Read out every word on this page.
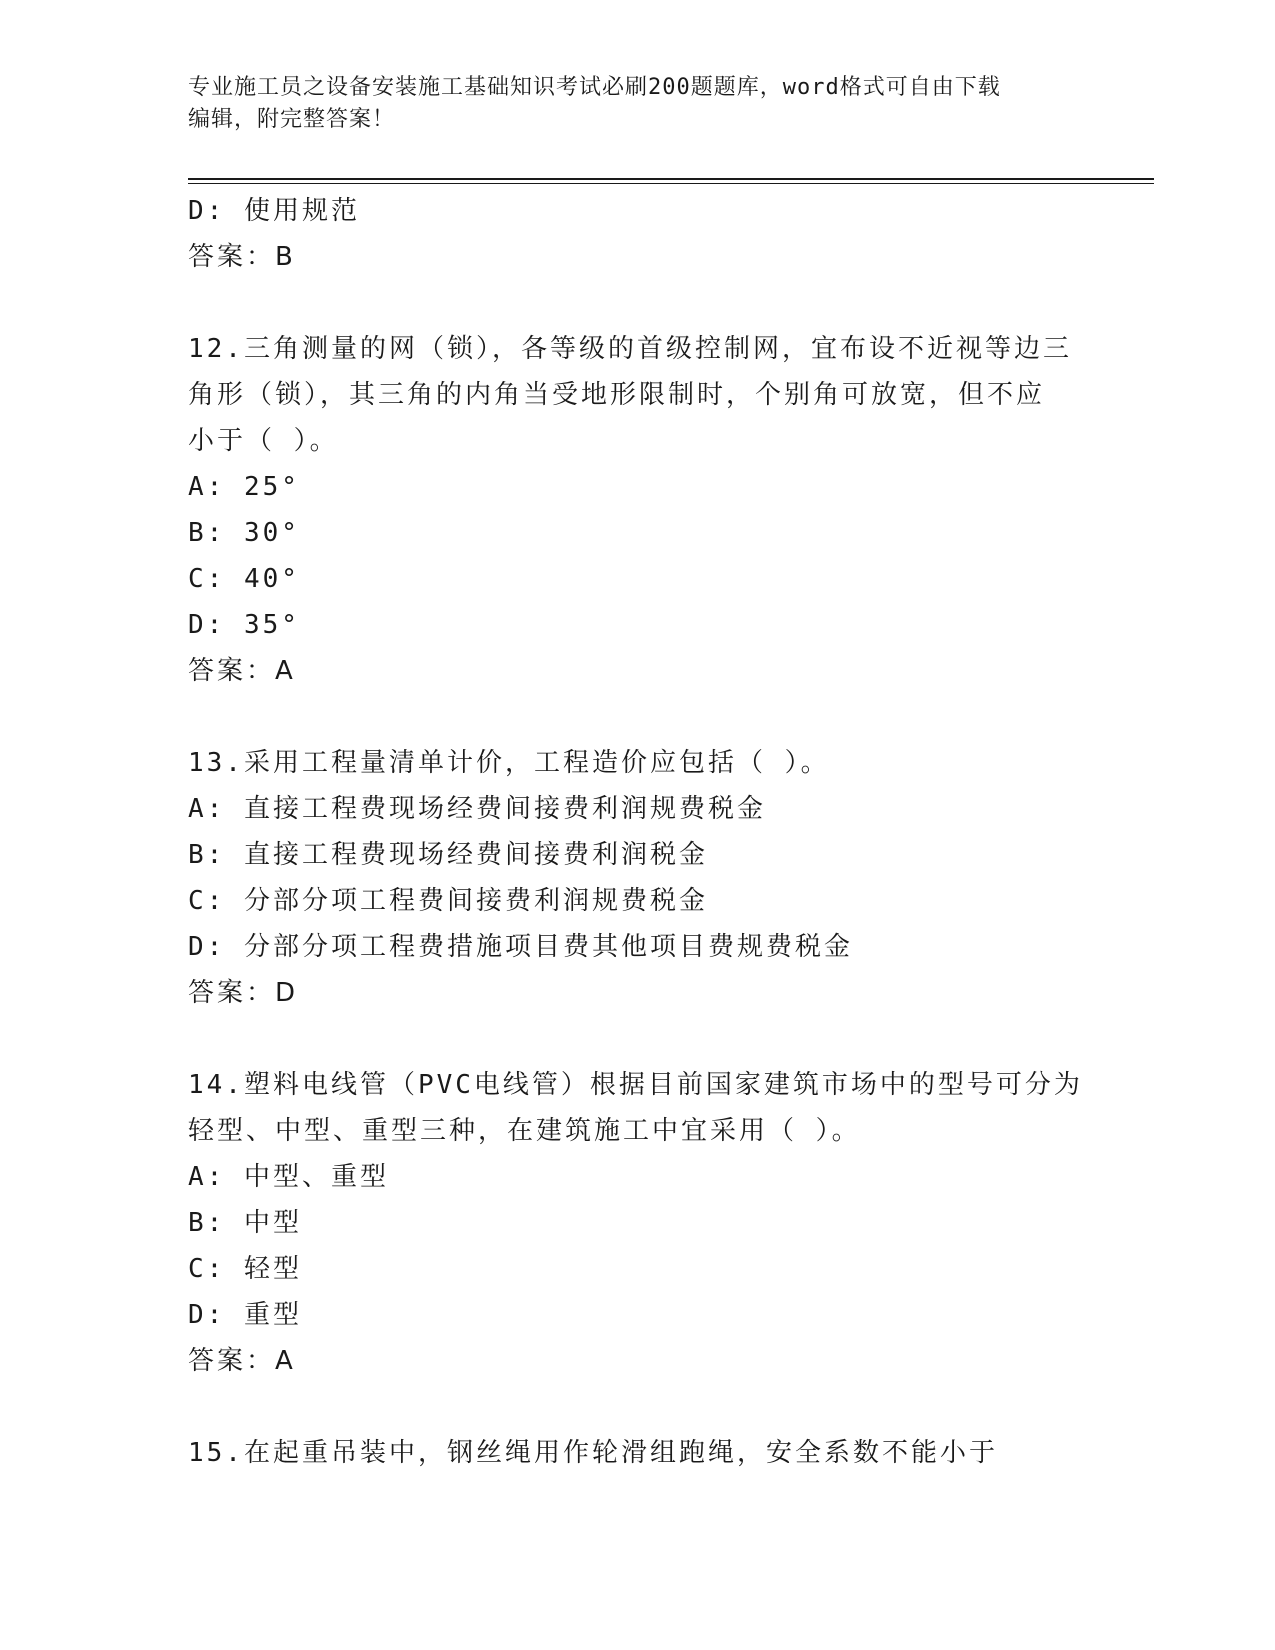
专业施工员之设备安装施工基础知识考试必刷200题题库，word格式可自由下载
编辑，附完整答案！
D: 使用规范
答案：B
12.三角测量的网（锁），各等级的首级控制网，宜布设不近视等边三
角形（锁），其三角的内角当受地形限制时，个别角可放宽，但不应
小于（ ）。
A: 25°
B: 30°
C: 40°
D: 35°
答案：A
13.采用工程量清单计价，工程造价应包括（ ）。
A: 直接工程费现场经费间接费利润规费税金
B: 直接工程费现场经费间接费利润税金
C: 分部分项工程费间接费利润规费税金
D: 分部分项工程费措施项目费其他项目费规费税金
答案：D
14.塑料电线管（PVC电线管）根据目前国家建筑市场中的型号可分为
轻型、中型、重型三种，在建筑施工中宜采用（ ）。
A: 中型、重型
B: 中型
C: 轻型
D: 重型
答案：A
15.在起重吊装中，钢丝绳用作轮滑组跑绳，安全系数不能小于
